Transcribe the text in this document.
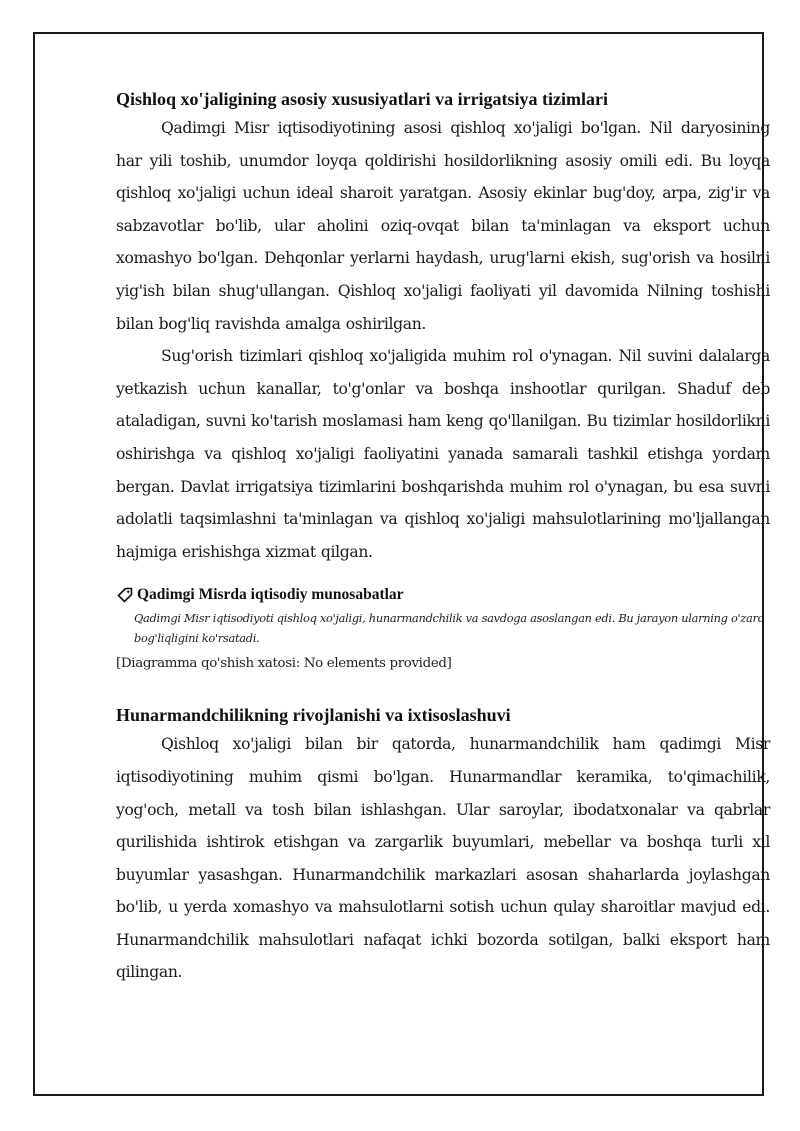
Qishloq xo'jaligining asosiy xususiyatlari va irrigatsiya tizimlari

Qadimgi Misr iqtisodiyotining asosi qishloq xo'jaligi bo'lgan. Nil daryosining har yili toshib, unumdor loyqa qoldirishi hosildorlikning asosiy omili edi. Bu loyqa qishloq xo'jaligi uchun ideal sharoit yaratgan. Asosiy ekinlar bug'doy, arpa, zig'ir va sabzavotlar bo'lib, ular aholini oziq-ovqat bilan ta'minlagan va eksport uchun xomashyo bo'lgan. Dehqonlar yerlarni haydash, urug'larni ekish, sug'orish va hosilni yig'ish bilan shug'ullangan. Qishloq xo'jaligi faoliyati yil davomida Nilning toshishi bilan bog'liq ravishda amalga oshirilgan.

Sug'orish tizimlari qishloq xo'jaligida muhim rol o'ynagan. Nil suvini dalalarga yetkazish uchun kanallar, to'g'onlar va boshqa inshootlar qurilgan. Shaduf deb ataladigan, suvni ko'tarish moslamasi ham keng qo'llanilgan. Bu tizimlar hosildorlikni oshirishga va qishloq xo'jaligi faoliyatini yanada samarali tashkil etishga yordam bergan. Davlat irrigatsiya tizimlarini boshqarishda muhim rol o'ynagan, bu esa suvni adolatli taqsimlashni ta'minlagan va qishloq xo'jaligi mahsulotlarining mo'ljallangan hajmiga erishishga xizmat qilgan.

Qadimgi Misrda iqtisodiy munosabatlar
Qadimgi Misr iqtisodiyoti qishloq xo'jaligi, hunarmandchilik va savdoga asoslangan edi. Bu jarayon ularning o'zaro bog'liqligini ko'rsatadi.
[Diagramma qo'shish xatosi: No elements provided]
Hunarmandchilikning rivojlanishi va ixtisoslashuvi

Qishloq xo'jaligi bilan bir qatorda, hunarmandchilik ham qadimgi Misr iqtisodiyotining muhim qismi bo'lgan. Hunarmandlar keramika, to'qimachilik, yog'och, metall va tosh bilan ishlashgan. Ular saroylar, ibodatxonalar va qabrlar qurilishida ishtirok etishgan va zargarlik buyumlari, mebellar va boshqa turli xil buyumlar yasashgan. Hunarmandchilik markazlari asosan shaharlarda joylashgan bo'lib, u yerda xomashyo va mahsulotlarni sotish uchun qulay sharoitlar mavjud edi. Hunarmandchilik mahsulotlari nafaqat ichki bozorda sotilgan, balki eksport ham qilingan.
